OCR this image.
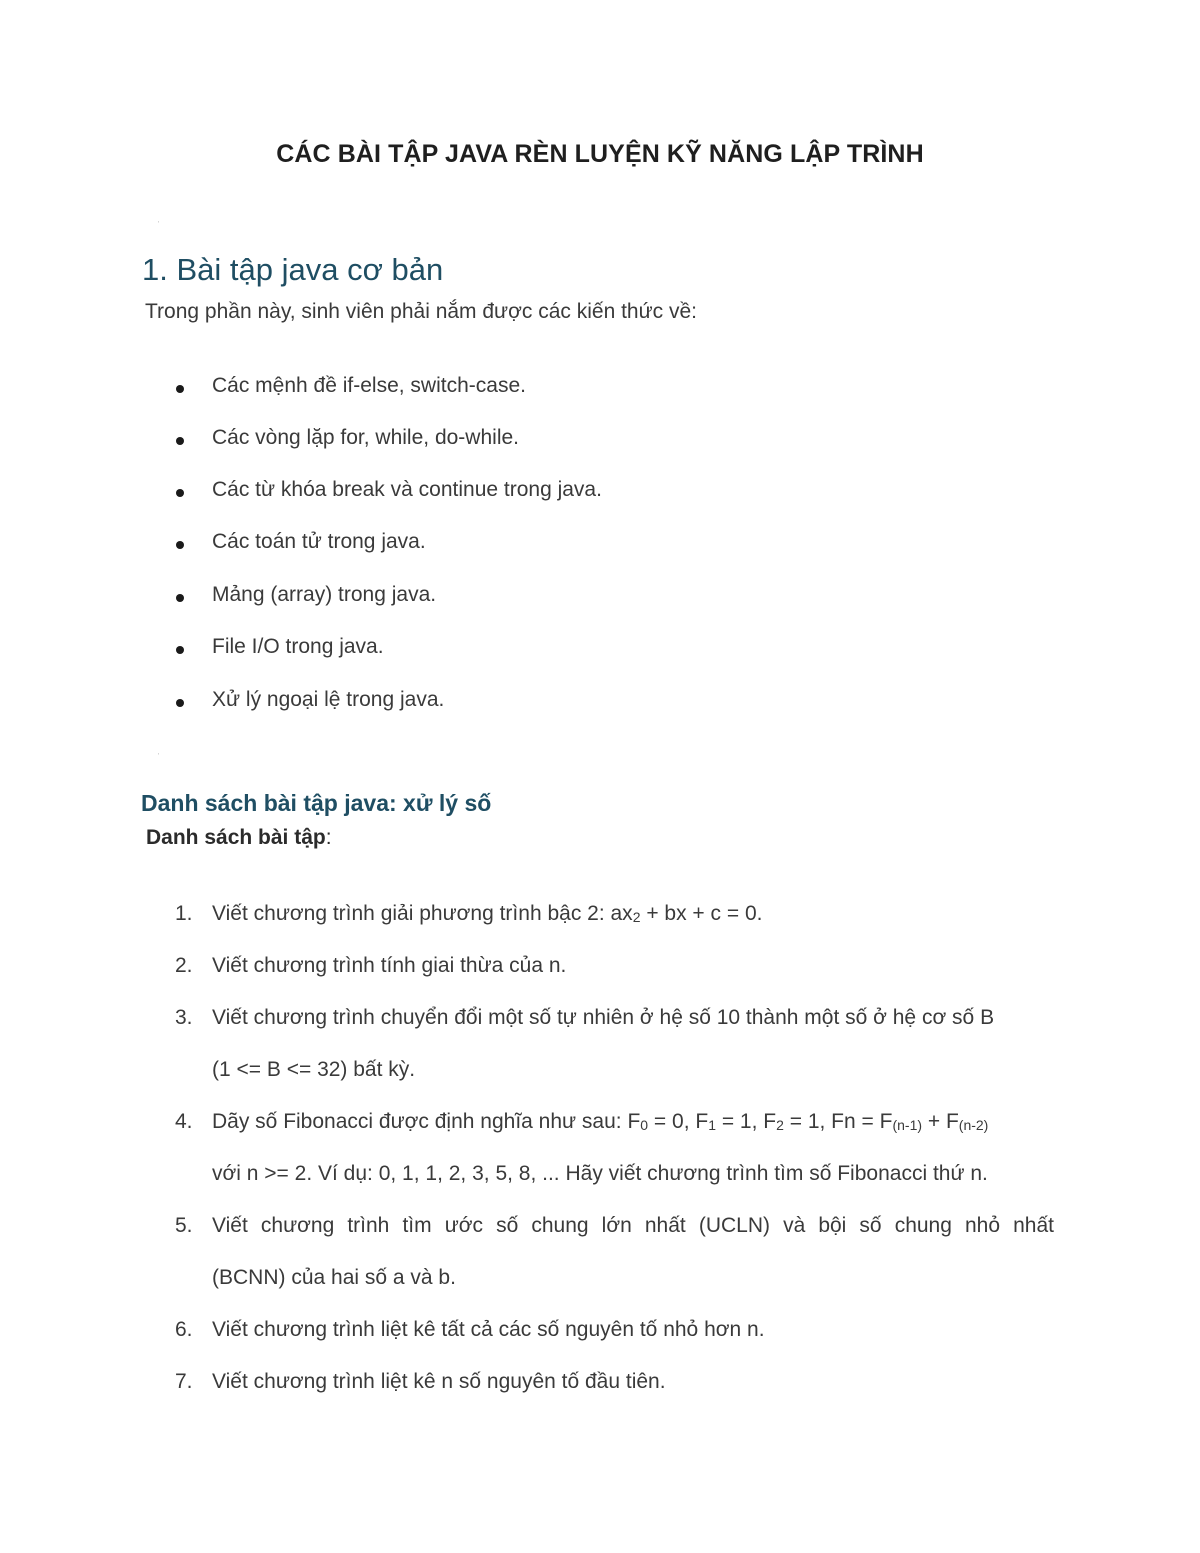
CÁC BÀI TẬP JAVA RÈN LUYỆN KỸ NĂNG LẬP TRÌNH
ˈ
1. Bài tập java cơ bản
Trong phần này, sinh viên phải nắm được các kiến thức về:
Các mệnh đề if-else, switch-case.
Các vòng lặp for, while, do-while.
Các từ khóa break và continue trong java.
Các toán tử trong java.
Mảng (array) trong java.
File I/O trong java.
Xử lý ngoại lệ trong java.
ˈ
Danh sách bài tập java: xử lý số
Danh sách bài tập:
1. Viết chương trình giải phương trình bậc 2: ax2 + bx + c = 0.
2. Viết chương trình tính giai thừa của n.
3. Viết chương trình chuyển đổi một số tự nhiên ở hệ số 10 thành một số ở hệ cơ số B
(1 <= B <= 32) bất kỳ.
4. Dãy số Fibonacci được định nghĩa như sau: F0 = 0, F1 = 1, F2 = 1, Fn = F(n-1) + F(n-2)
với n >= 2. Ví dụ: 0, 1, 1, 2, 3, 5, 8, ... Hãy viết chương trình tìm số Fibonacci thứ n.
5. Viết chương trình tìm ước số chung lớn nhất (UCLN) và bội số chung nhỏ nhất
(BCNN) của hai số a và b.
6. Viết chương trình liệt kê tất cả các số nguyên tố nhỏ hơn n.
7. Viết chương trình liệt kê n số nguyên tố đầu tiên.
